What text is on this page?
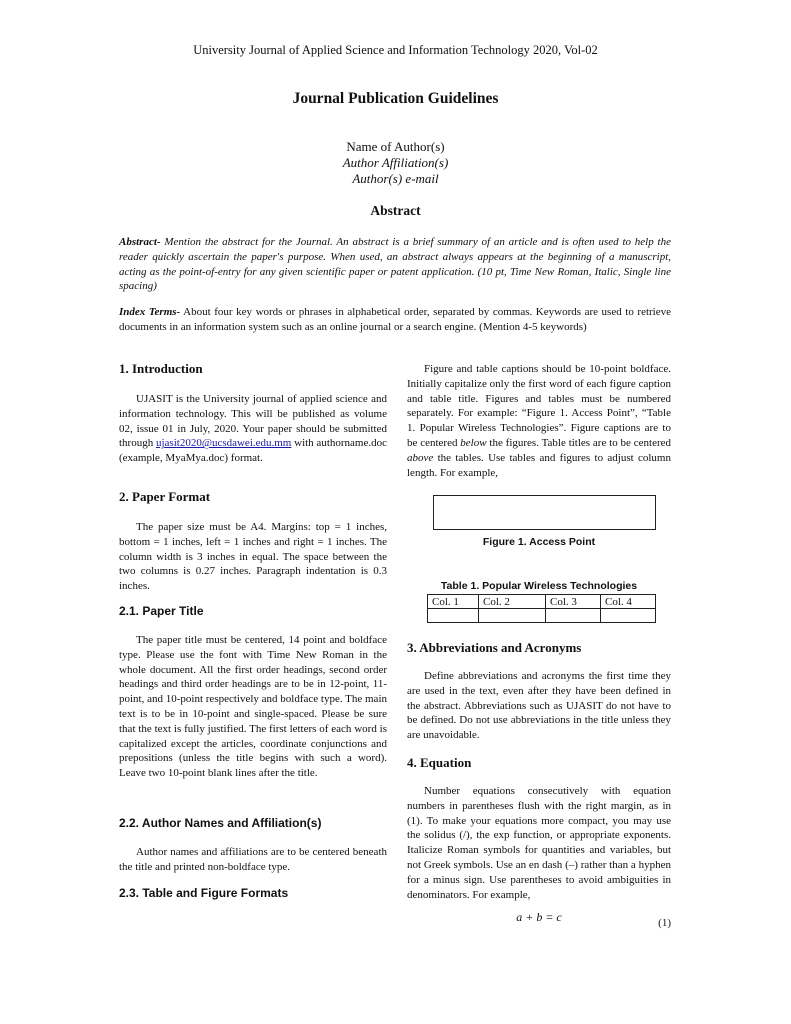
University Journal of Applied Science and Information Technology 2020, Vol-02
Journal Publication Guidelines
Name of Author(s)
Author Affiliation(s)
Author(s) e-mail
Abstract
Abstract- Mention the abstract for the Journal. An abstract is a brief summary of an article and is often used to help the reader quickly ascertain the paper's purpose. When used, an abstract always appears at the beginning of a manuscript, acting as the point-of-entry for any given scientific paper or patent application. (10 pt, Time New Roman, Italic, Single line spacing)
Index Terms- About four key words or phrases in alphabetical order, separated by commas. Keywords are used to retrieve documents in an information system such as an online journal or a search engine. (Mention 4-5 keywords)
1. Introduction
UJASIT is the University journal of applied science and information technology. This will be published as volume 02, issue 01 in July, 2020. Your paper should be submitted through ujasit2020@ucsdawei.edu.mm with authorname.doc (example, MyaMya.doc) format.
2. Paper Format
The paper size must be A4. Margins: top = 1 inches, bottom = 1 inches, left = 1 inches and right = 1 inches. The column width is 3 inches in equal. The space between the two columns is 0.27 inches. Paragraph indentation is 0.3 inches.
2.1. Paper Title
The paper title must be centered, 14 point and boldface type. Please use the font with Time New Roman in the whole document. All the first order headings, second order headings and third order headings are to be in 12-point, 11-point, and 10-point respectively and boldface type. The main text is to be in 10-point and single-spaced. Please be sure that the text is fully justified. The first letters of each word is capitalized except the articles, coordinate conjunctions and prepositions (unless the title begins with such a word). Leave two 10-point blank lines after the title.
2.2. Author Names and Affiliation(s)
Author names and affiliations are to be centered beneath the title and printed non-boldface type.
2.3. Table and Figure Formats
Figure and table captions should be 10-point boldface. Initially capitalize only the first word of each figure caption and table title. Figures and tables must be numbered separately. For example: “Figure 1. Access Point”, “Table 1. Popular Wireless Technologies”. Figure captions are to be centered below the figures. Table titles are to be centered above the tables. Use tables and figures to adjust column length. For example,
Figure 1. Access Point
Table 1. Popular Wireless Technologies
Col. 1	Col. 2	Col. 3	Col. 4

3. Abbreviations and Acronyms
Define abbreviations and acronyms the first time they are used in the text, even after they have been defined in the abstract. Abbreviations such as UJASIT do not have to be defined. Do not use abbreviations in the title unless they are unavoidable.
4. Equation
Number equations consecutively with equation numbers in parentheses flush with the right margin, as in (1). To make your equations more compact, you may use the solidus (/), the exp function, or appropriate exponents. Italicize Roman symbols for quantities and variables, but not Greek symbols. Use an en dash (–) rather than a hyphen for a minus sign. Use parentheses to avoid ambiguities in denominators. For example,
a + b = c	(1)
